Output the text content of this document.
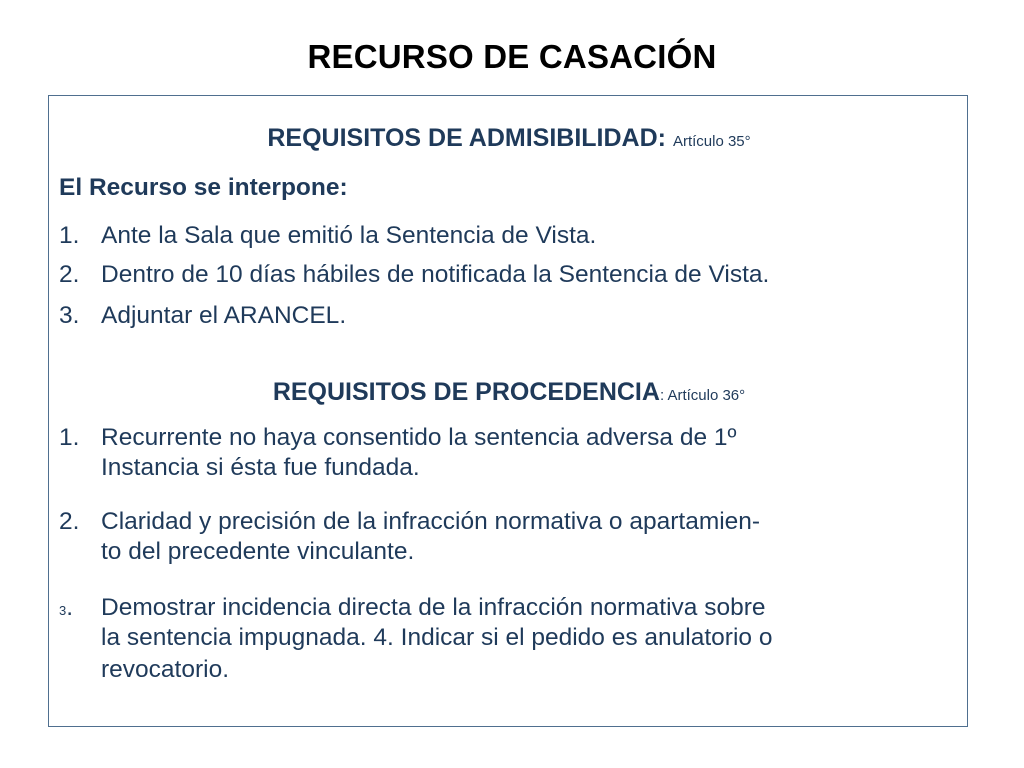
RECURSO DE CASACIÓN
REQUISITOS DE ADMISIBILIDAD: Artículo 35°
El Recurso se interpone:
1. Ante la Sala que emitió la Sentencia de Vista.
2. Dentro de 10 días hábiles de notificada la Sentencia de Vista.
3. Adjuntar el ARANCEL.
REQUISITOS DE PROCEDENCIA: Artículo 36°
1. Recurrente no haya consentido la sentencia adversa de 1º
Instancia si ésta fue fundada.
2. Claridad y precisión de la infracción normativa o apartamien-
to del precedente vinculante.
3. Demostrar incidencia directa de la infracción normativa sobre
la sentencia impugnada. 4. Indicar si el pedido es anulatorio o
revocatorio.
